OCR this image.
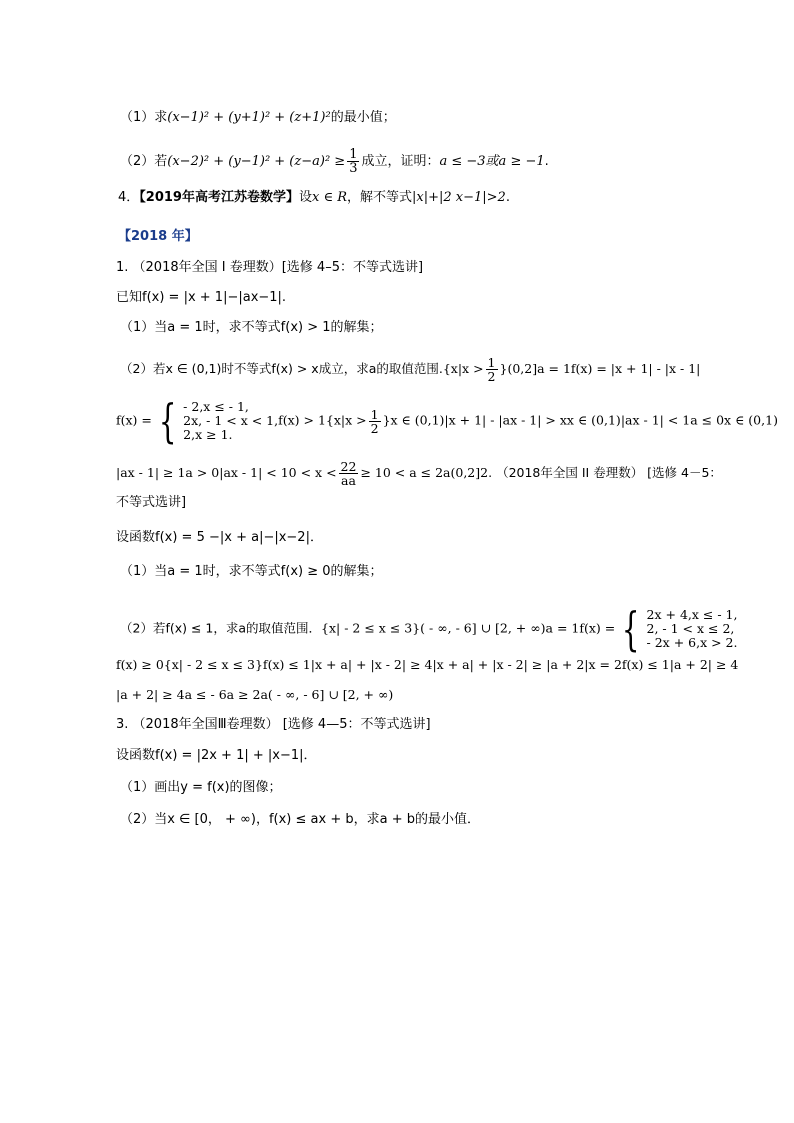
（1）求(x−1)² + (y+1)² + (z+1)²的最小值；
（2）若$(x-2)^2 + (y-1)^2 + (z-a)^2 \ge \frac{1}{3}$ 成立，证明：a ≤ −3或a ≥ −1.
4．【2019年高考江苏卷数学】设x ∈ R，解不等式|x|+|2 x−1|>2.
【2018 年】
1. （2018年全国 I 卷理数）[选修 4–5：不等式选讲]
已知f(x) = |x + 1|−|ax−1|.
（1）当a = 1时，求不等式f(x) > 1的解集；
（2）若x ∈ (0,1)时不等式f(x) > x成立，求a的取值范围$.\{x|x > \frac{1}{2} \}(0,2]a = 1f(x) = |x + 1| - |x - 1|$
f(x) = { - 2,x ≤ - 1,
2x, - 1 < x < 1,
2,x ≥ 1.
$f(x) > 1\{x|x > \frac{1}{2} \}x$ ∈ (0,1)|x + 1| - |ax - 1| > xx ∈ (0,1)|ax - 1| < 1a ≤ 0x ∈ (0,1)
$|ax - 1| \ge 1a > 0|ax - 1| < 10 < x < \frac{22}{aa} \ge 10 < a \le 2a(0,2]2$. （2018年全国 II 卷理数） [选修 4－5：
不等式选讲]
设函数f(x) = 5 −|x + a|−|x−2|．
（1）当a = 1时，求不等式f(x) ≥ 0的解集；
（2）若f(x) ≤ 1，求a的取值范围．{x| - 2 ≤ x ≤ 3}( - ∞, - 6] ∪ [2, + ∞)a = 1f(x) = { 2x + 4,x ≤ - 1,
2, - 1 < x ≤ 2,
- 2x + 6,x > 2.
f(x) ≥ 0{x| - 2 ≤ x ≤ 3}f(x) ≤ 1|x + a| + |x - 2| ≥ 4|x + a| + |x - 2| ≥ |a + 2|x = 2f(x) ≤ 1|a + 2| ≥ 4
|a + 2| ≥ 4a ≤ - 6a ≥ 2a( - ∞, - 6] ∪ [2, + ∞)
3. （2018年全国Ⅲ卷理数） [选修 4—5：不等式选讲]
设函数f(x) = |2x + 1| + |x−1|．
（1）画出y = f(x)的图像；
（2）当x ∈ [0， + ∞)，f(x) ≤ ax + b，求a + b的最小值．
